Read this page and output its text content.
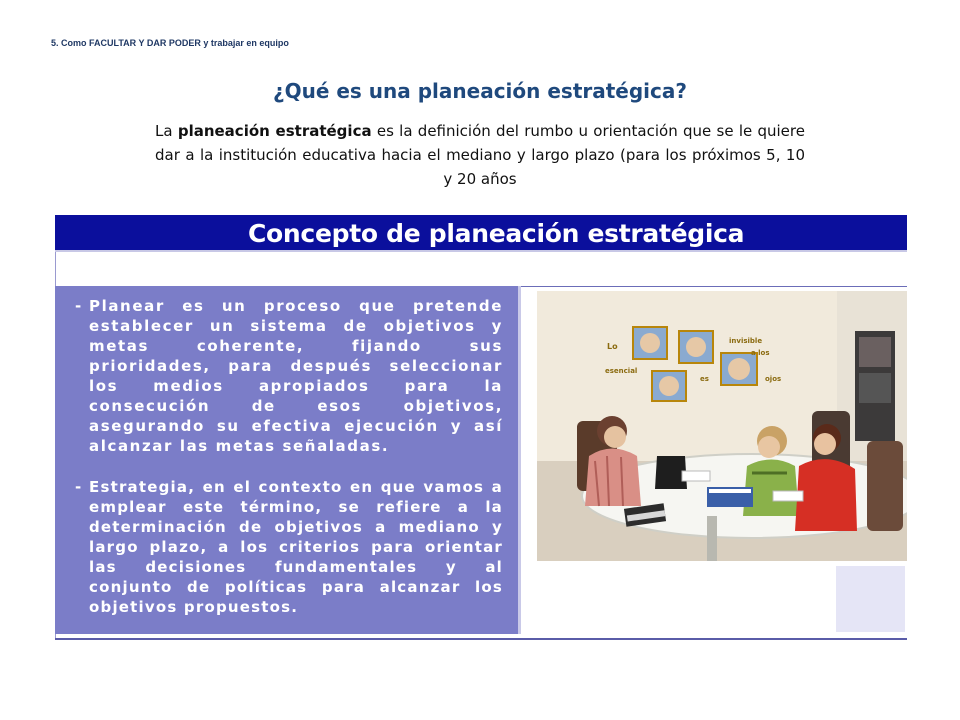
5. Como FACULTAR Y DAR PODER y trabajar en equipo
¿Qué es una planeación estratégica?
La planeación estratégica es la definición del rumbo u orientación que se le quiere dar a la institución educativa hacia el mediano y largo plazo (para los próximos 5, 10 y 20 años
Concepto de planeación estratégica
- Planear es un proceso que pretende establecer un sistema de objetivos y metas coherente, fijando sus prioridades, para después seleccionar los medios apropiados para la consecución de esos objetivos, asegurando su efectiva ejecución y así alcanzar las metas señaladas.
- Estrategia, en el contexto en que vamos a emplear este término, se refiere a la determinación de objetivos a mediano y largo plazo, a los criterios para orientar las decisiones fundamentales y al conjunto de políticas para alcanzar los objetivos propuestos.
Lo
esencial
es
invisible
a los
ojos
